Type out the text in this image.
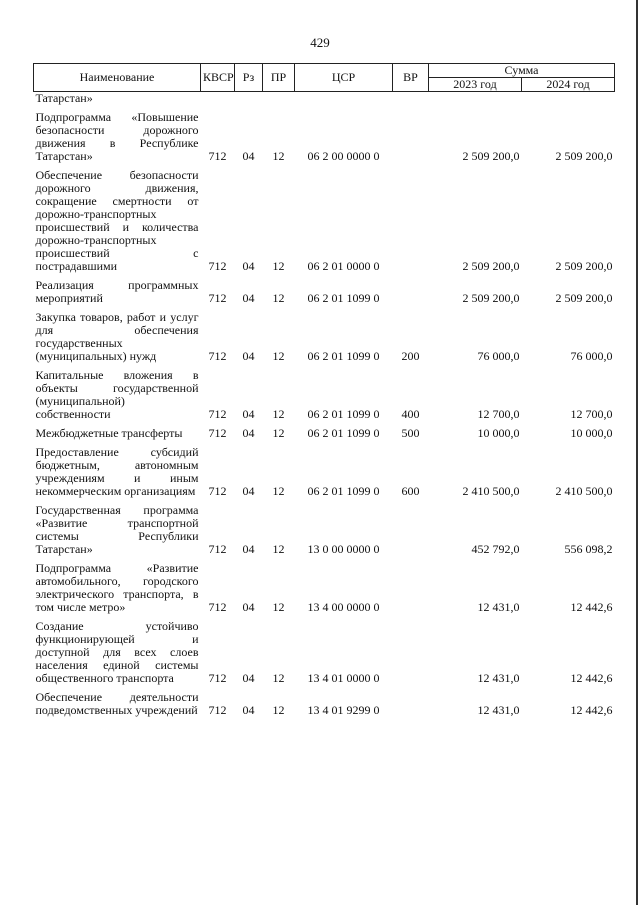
429
Наименование	КВСР	Рз	ПР	ЦСР	ВР	Сумма	
						2023 год	2024 год
Татарстан»							
Подпрограмма «Повышение безопасности дорожного движения в Республике Татарстан»	712	04	12	06 2 00 0000 0		2 509 200,0	2 509 200,0
Обеспечение безопасности дорожного движения, сокращение смертности от дорожно-транспортных происшествий и количества дорожно-транспортных происшествий с пострадавшими	712	04	12	06 2 01 0000 0		2 509 200,0	2 509 200,0
Реализация программных мероприятий	712	04	12	06 2 01 1099 0		2 509 200,0	2 509 200,0
Закупка товаров, работ и услуг для обеспечения государственных (муниципальных) нужд	712	04	12	06 2 01 1099 0	200	76 000,0	76 000,0
Капитальные вложения в объекты государственной (муниципальной) собственности	712	04	12	06 2 01 1099 0	400	12 700,0	12 700,0
Межбюджетные трансферты	712	04	12	06 2 01 1099 0	500	10 000,0	10 000,0
Предоставление субсидий бюджетным, автономным учреждениям и иным некоммерческим организациям	712	04	12	06 2 01 1099 0	600	2 410 500,0	2 410 500,0
Государственная программа «Развитие транспортной системы Республики Татарстан»	712	04	12	13 0 00 0000 0		452 792,0	556 098,2
Подпрограмма «Развитие автомобильного, городского электрического транспорта, в том числе метро»	712	04	12	13 4 00 0000 0		12 431,0	12 442,6
Создание устойчиво функционирующей и доступной для всех слоев населения единой системы общественного транспорта	712	04	12	13 4 01 0000 0		12 431,0	12 442,6
Обеспечение деятельности подведомственных учреждений	712	04	12	13 4 01 9299 0		12 431,0	12 442,6
